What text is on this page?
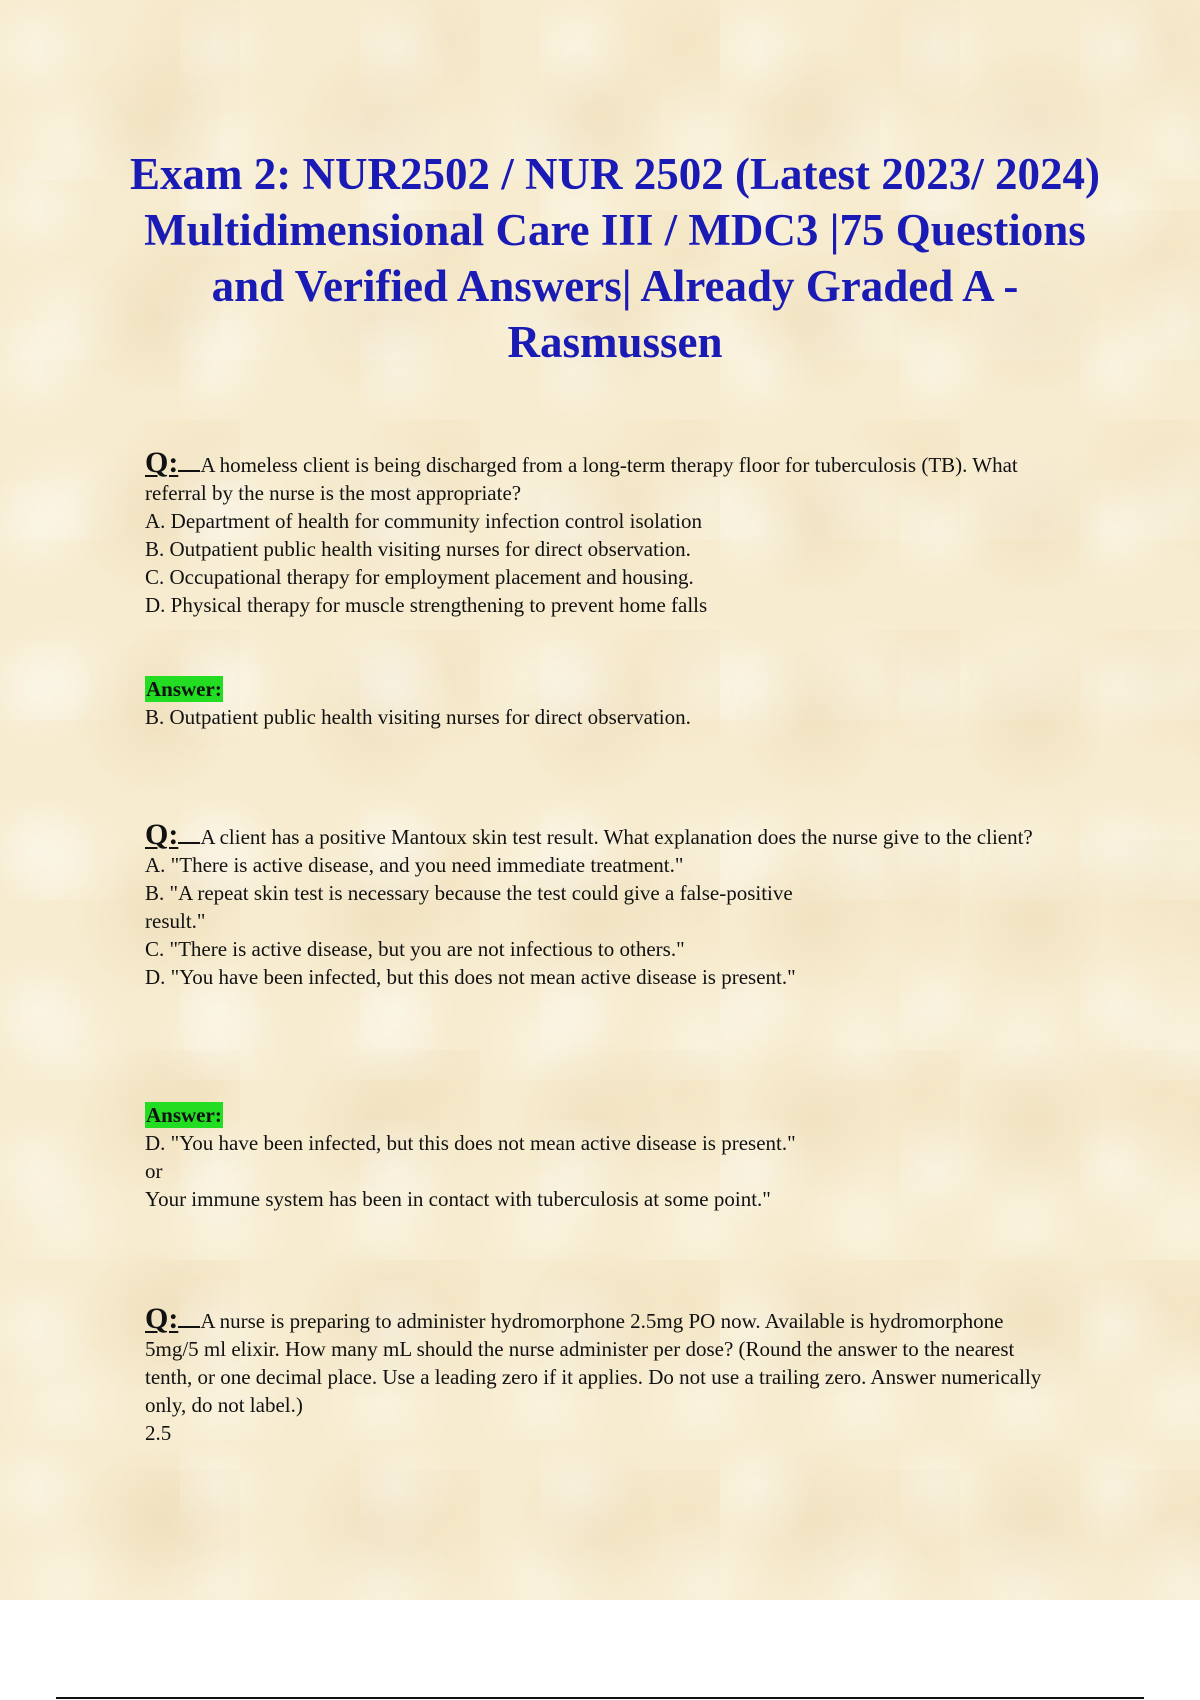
Exam 2: NUR2502 / NUR 2502 (Latest 2023/ 2024) Multidimensional Care III / MDC3 |75 Questions and Verified Answers| Already Graded A -Rasmussen
Q: A homeless client is being discharged from a long-term therapy floor for tuberculosis (TB). What referral by the nurse is the most appropriate?
A. Department of health for community infection control isolation
B. Outpatient public health visiting nurses for direct observation.
C. Occupational therapy for employment placement and housing.
D. Physical therapy for muscle strengthening to prevent home falls
Answer:
B. Outpatient public health visiting nurses for direct observation.
Q: A client has a positive Mantoux skin test result. What explanation does the nurse give to the client?
A. "There is active disease, and you need immediate treatment."
B. "A repeat skin test is necessary because the test could give a false-positive result."
C. "There is active disease, but you are not infectious to others."
D. "You have been infected, but this does not mean active disease is present."
Answer:
D. "You have been infected, but this does not mean active disease is present."
or
Your immune system has been in contact with tuberculosis at some point."
Q: A nurse is preparing to administer hydromorphone 2.5mg PO now. Available is hydromorphone 5mg/5 ml elixir. How many mL should the nurse administer per dose? (Round the answer to the nearest tenth, or one decimal place. Use a leading zero if it applies. Do not use a trailing zero. Answer numerically only, do not label.)
2.5
